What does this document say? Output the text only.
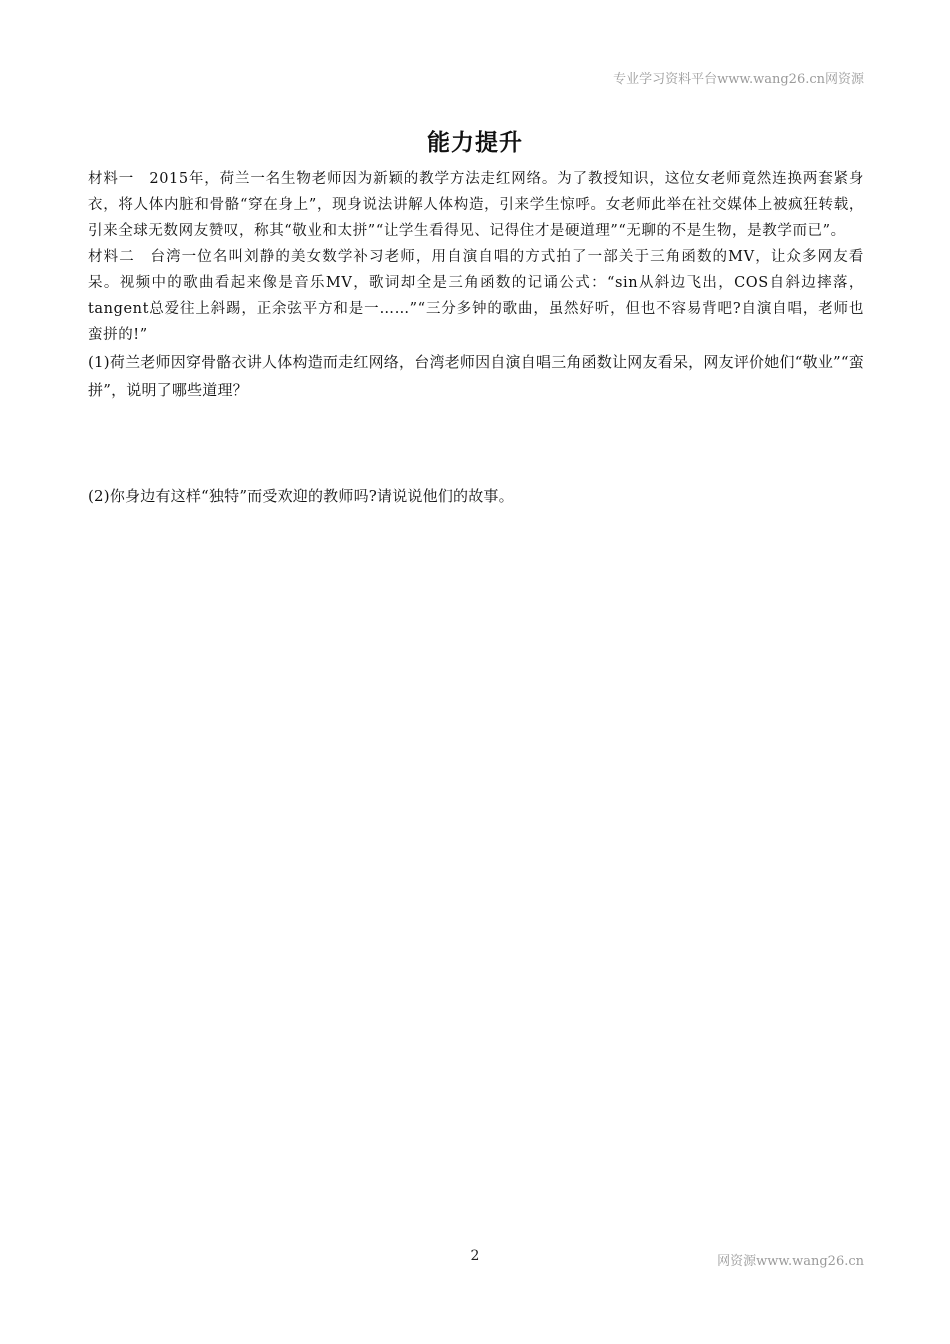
专业学习资料平台www.wang26.cn网资源
能力提升

材料一　2015年，荷兰一名生物老师因为新颖的教学方法走红网络。为了教授知识，这位女老师竟然连换两套紧身衣，将人体内脏和骨骼“穿在身上”，现身说法讲解人体构造，引来学生惊呼。女老师此举在社交媒体上被疯狂转载，引来全球无数网友赞叹，称其“敬业和太拼”“让学生看得见、记得住才是硬道理”“无聊的不是生物，是教学而已”。

材料二　台湾一位名叫刘静的美女数学补习老师，用自演自唱的方式拍了一部关于三角函数的MV，让众多网友看呆。视频中的歌曲看起来像是音乐MV，歌词却全是三角函数的记诵公式：“sin从斜边飞出，COS自斜边摔落，tangent总爱往上斜踢，正余弦平方和是一……”“三分多钟的歌曲，虽然好听，但也不容易背吧?自演自唱，老师也蛮拼的!”

(1)荷兰老师因穿骨骼衣讲人体构造而走红网络，台湾老师因自演自唱三角函数让网友看呆，网友评价她们“敬业”“蛮拼”，说明了哪些道理？

(2)你身边有这样“独特”而受欢迎的教师吗?请说说他们的故事。

2	网资源www.wang26.cn
